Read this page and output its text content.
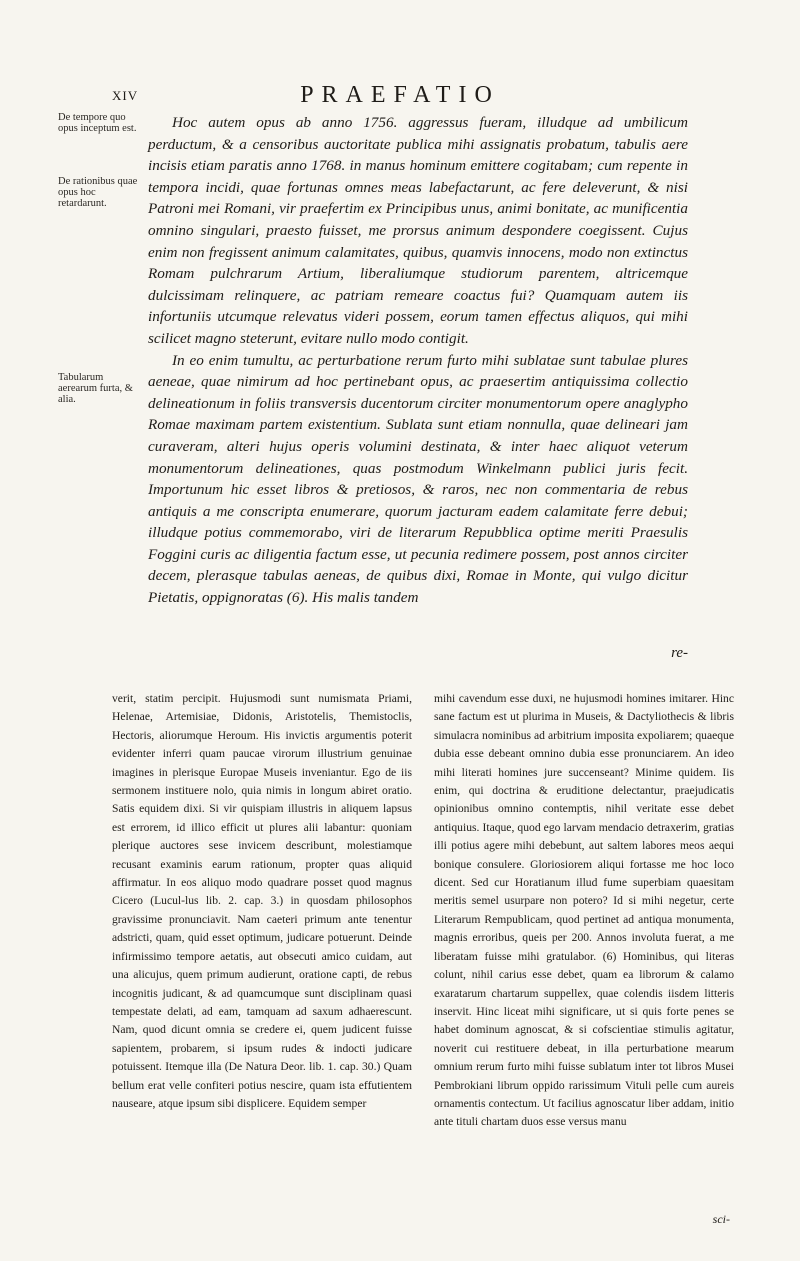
XIV	PRAEFATIO
De tempore quo opus inceptum est.
De rationibus quae opus hoc retardarunt.
Tabularum aerearum furta, & alia.

Hoc autem opus ab anno 1756. aggressus fueram, illudque ad umbilicum perductum, & a censoribus auctoritate publica mihi assignatis probatum, tabulis aere incisis etiam paratis anno 1768. in manus hominum emittere cogitabam; cum repente in tempora incidi, quae fortunas omnes meas labefactarunt, ac fere deleverunt, & nisi Patroni mei Romani, vir praefertim ex Principibus unus, animi bonitate, ac munificentia omnino singulari, praesto fuisset, me prorsus animum despondere coegissent. Cujus enim non fregissent animum calamitates, quibus, quamvis innocens, modo non extinctus Romam pulchrarum Artium, liberaliumque studiorum parentem, altricemque dulcissimam relinquere, ac patriam remeare coactus fui? Quamquam autem iis infortuniis utcumque relevatus videri possem, eorum tamen effectus aliquos, qui mihi scilicet magno steterunt, evitare nullo modo contigit.

In eo enim tumultu, ac perturbatione rerum furto mihi sublatae sunt tabulae plures aeneae, quae nimirum ad hoc pertinebant opus, ac praesertim antiquissima collectio delineationum in foliis transversis ducentorum circiter monumentorum opere anaglypho Romae maximam partem existentium. Sublata sunt etiam nonnulla, quae delineari jam curaveram, alteri hujus operis volumini destinata, & inter haec aliquot veterum monumentorum delineationes, quas postmodum Winkelmann publici juris fecit. Importunum hic esset libros & pretiosos, & raros, nec non commentaria de rebus antiquis a me conscripta enumerare, quorum jacturam eadem calamitate ferre debui; illudque potius commemorabo, viri de literarum Repubblica optime meriti Praesulis Foggini curis ac diligentia factum esse, ut pecunia redimere possem, post annos circiter decem, plerasque tabulas aeneas, de quibus dixi, Romae in Monte, qui vulgo dicitur Pietatis, oppignoratas (6). His malis tandem

re-

verit, statim percipit. Hujusmodi sunt numismata Priami, Helenae, Artemisiae, Didonis, Aristotelis, Themistoclis, Hectoris, aliorumque Heroum. His invictis argumentis poterit evidenter inferri quam paucae virorum illustrium genuinae imagines in plerisque Europae Museis inveniantur. Ego de iis sermonem instituere nolo, quia nimis in longum abiret oratio. Satis equidem dixi. Si vir quispiam illustris in aliquem lapsus est errorem, id illico efficit ut plures alii labantur: quoniam plerique auctores sese invicem describunt, molestiamque recusant examinis earum rationum, propter quas aliquid affirmatur. In eos aliquo modo quadrare posset quod magnus Cicero (Lucul-lus lib. 2. cap. 3.) in quosdam philosophos gravissime pronunciavit. Nam caeteri primum ante tenentur adstricti, quam, quid esset optimum, judicare potuerunt. Deinde infirmissimo tempore aetatis, aut obsecuti amico cuidam, aut una alicujus, quem primum audierunt, oratione capti, de rebus incognitis judicant, & ad quamcumque sunt disciplinam quasi tempestate delati, ad eam, tamquam ad saxum adhaerescunt. Nam, quod dicunt omnia se credere ei, quem judicent fuisse sapientem, probarem, si ipsum rudes & indocti judicare potuissent. Itemque illa (De Natura Deor. lib. 1. cap. 30.) Quam bellum erat velle confiteri potius nescire, quam ista effutientem nauseare, atque ipsum sibi displicere. Equidem semper

mihi cavendum esse duxi, ne hujusmodi homines imitarer. Hinc sane factum est ut plurima in Museis, & Dactyliothecis & libris simulacra nominibus ad arbitrium imposita expoliarem; quaeque dubia esse debeant omnino dubia esse pronunciarem. An ideo mihi literati homines jure succenseant? Minime quidem. Iis enim, qui doctrina & eruditione delectantur, praejudicatis opinionibus omnino contemptis, nihil veritate esse debet antiquius. Itaque, quod ego larvam mendacio detraxerim, gratias illi potius agere mihi debebunt, aut saltem labores meos aequi bonique consulere. Gloriosiorem aliqui fortasse me hoc loco dicent. Sed cur Horatianum illud fume superbiam quaesitam meritis semel usurpare non potero? Id si mihi negetur, certe Literarum Rempublicam, quod pertinet ad antiqua monumenta, magnis erroribus, queis per 200. Annos involuta fuerat, a me liberatam fuisse mihi gratulabor. (6) Hominibus, qui literas colunt, nihil carius esse debet, quam ea librorum & calamo exaratarum chartarum suppellex, quae colendis iisdem litteris inservit. Hinc liceat mihi significare, ut si quis forte penes se habet dominum agnoscat, & si cofscientiae stimulis agitatur, noverit cui restituere debeat, in illa perturbatione mearum omnium rerum furto mihi fuisse sublatum inter tot libros Musei Pembrokiani librum oppido rarissimum Vituli pelle cum aureis ornamentis contectum. Ut facilius agnoscatur liber addam, initio ante tituli chartam duos esse versus manu

sci-
